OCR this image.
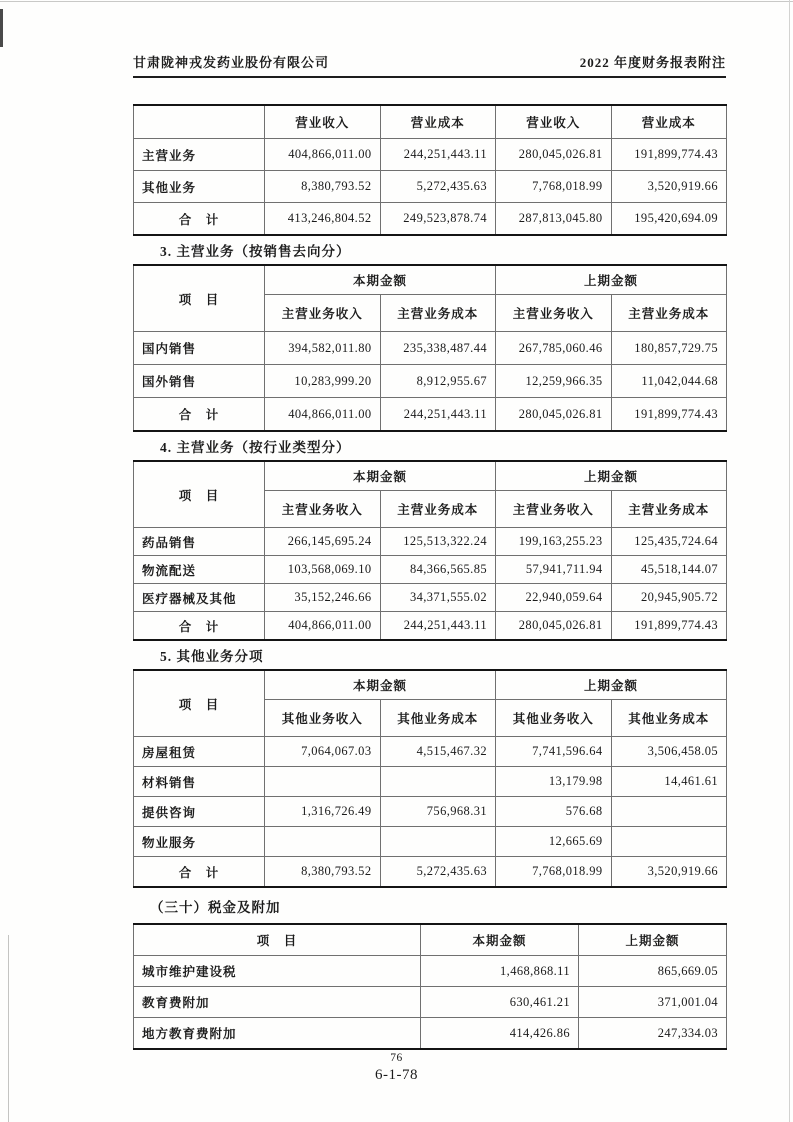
甘肃陇神戎发药业股份有限公司	2022 年度财务报表附注
	营业收入	营业成本	营业收入	营业成本
主营业务	404,866,011.00	244,251,443.11	280,045,026.81	191,899,774.43
其他业务	8,380,793.52	5,272,435.63	7,768,018.99	3,520,919.66
合　计	413,246,804.52	249,523,878.74	287,813,045.80	195,420,694.09
3. 主营业务（按销售去向分）
项　目	本期金额		上期金额	
	主营业务收入	主营业务成本	主营业务收入	主营业务成本
国内销售	394,582,011.80	235,338,487.44	267,785,060.46	180,857,729.75
国外销售	10,283,999.20	8,912,955.67	12,259,966.35	11,042,044.68
合　计	404,866,011.00	244,251,443.11	280,045,026.81	191,899,774.43
4. 主营业务（按行业类型分）
项　目	本期金额		上期金额	
	主营业务收入	主营业务成本	主营业务收入	主营业务成本
药品销售	266,145,695.24	125,513,322.24	199,163,255.23	125,435,724.64
物流配送	103,568,069.10	84,366,565.85	57,941,711.94	45,518,144.07
医疗器械及其他	35,152,246.66	34,371,555.02	22,940,059.64	20,945,905.72
合　计	404,866,011.00	244,251,443.11	280,045,026.81	191,899,774.43
5. 其他业务分项
项　目	本期金额		上期金额	
	其他业务收入	其他业务成本	其他业务收入	其他业务成本
房屋租赁	7,064,067.03	4,515,467.32	7,741,596.64	3,506,458.05
材料销售			13,179.98	14,461.61
提供咨询	1,316,726.49	756,968.31	576.68	
物业服务			12,665.69	
合　计	8,380,793.52	5,272,435.63	7,768,018.99	3,520,919.66
（三十）税金及附加
项　目	本期金额	上期金额
城市维护建设税	1,468,868.11	865,669.05
教育费附加	630,461.21	371,001.04
地方教育费附加	414,426.86	247,334.03
76
6-1-78
